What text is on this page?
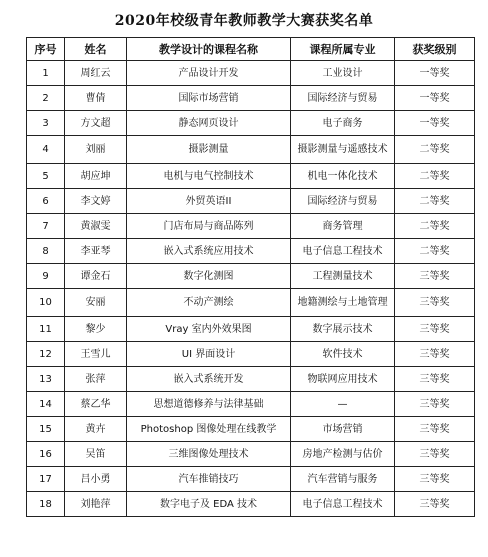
2020年校级青年教师教学大赛获奖名单
序号	姓名	教学设计的课程名称	课程所属专业	获奖级别
1	周红云	产品设计开发	工业设计	一等奖
2	曹倩	国际市场营销	国际经济与贸易	一等奖
3	方文超	静态网页设计	电子商务	一等奖
4	刘丽	摄影测量	摄影测量与遥感技术	二等奖
5	胡应坤	电机与电气控制技术	机电一体化技术	二等奖
6	李文婷	外贸英语II	国际经济与贸易	二等奖
7	黄淑雯	门店布局与商品陈列	商务管理	二等奖
8	李亚琴	嵌入式系统应用技术	电子信息工程技术	二等奖
9	谭金石	数字化测图	工程测量技术	三等奖
10	安丽	不动产测绘	地籍测绘与土地管理	三等奖
11	黎少	Vray 室内外效果图	数字展示技术	三等奖
12	王雪儿	UI 界面设计	软件技术	三等奖
13	张萍	嵌入式系统开发	物联网应用技术	三等奖
14	蔡乙华	思想道德修养与法律基础	—	三等奖
15	黄卉	Photoshop 图像处理在线教学	市场营销	三等奖
16	吴笛	三维图像处理技术	房地产检测与估价	三等奖
17	吕小勇	汽车推销技巧	汽车营销与服务	三等奖
18	刘艳萍	数字电子及 EDA 技术	电子信息工程技术	三等奖
